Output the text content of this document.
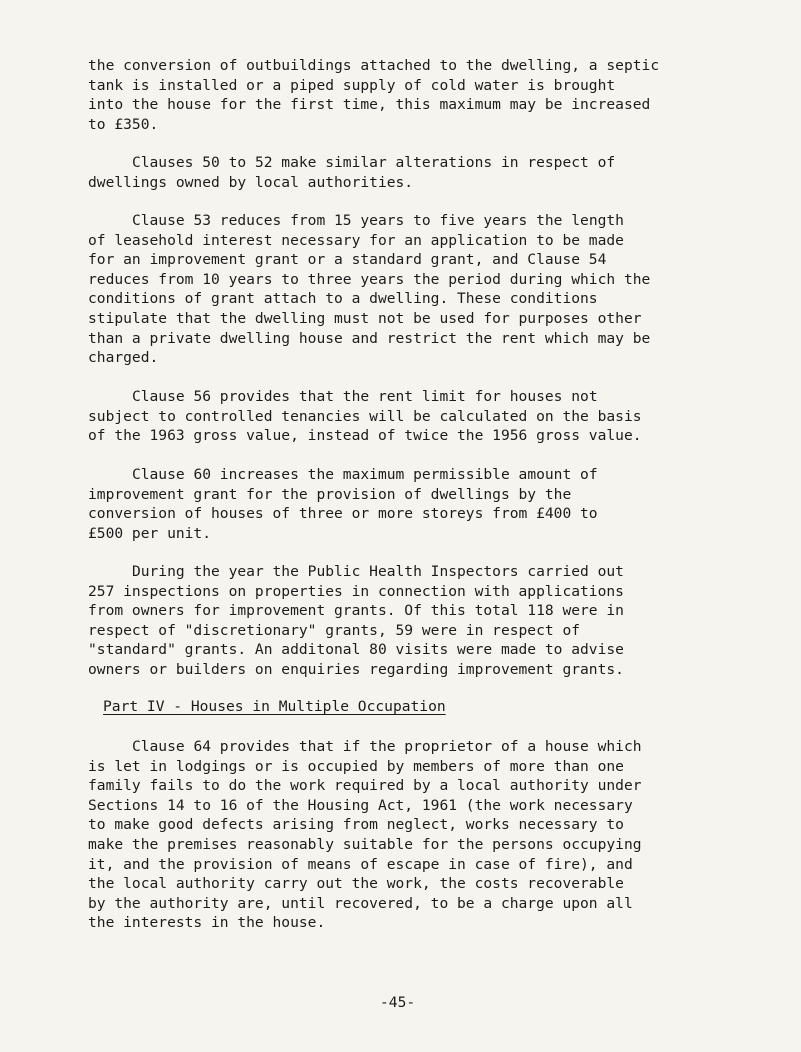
the conversion of outbuildings attached to the dwelling, a septic
tank is installed or a piped supply of cold water is brought
into the house for the first time, this maximum may be increased
to £350.

Clauses 50 to 52 make similar alterations in respect of
dwellings owned by local authorities.

Clause 53 reduces from 15 years to five years the length
of leasehold interest necessary for an application to be made
for an improvement grant or a standard grant, and Clause 54
reduces from 10 years to three years the period during which the
conditions of grant attach to a dwelling. These conditions
stipulate that the dwelling must not be used for purposes other
than a private dwelling house and restrict the rent which may be
charged.

Clause 56 provides that the rent limit for houses not
subject to controlled tenancies will be calculated on the basis
of the 1963 gross value, instead of twice the 1956 gross value.

Clause 60 increases the maximum permissible amount of
improvement grant for the provision of dwellings by the
conversion of houses of three or more storeys from £400 to
£500 per unit.

During the year the Public Health Inspectors carried out
257 inspections on properties in connection with applications
from owners for improvement grants. Of this total 118 were in
respect of "discretionary" grants, 59 were in respect of
"standard" grants. An additonal 80 visits were made to advise
owners or builders on enquiries regarding improvement grants.

Part IV - Houses in Multiple Occupation

Clause 64 provides that if the proprietor of a house which
is let in lodgings or is occupied by members of more than one
family fails to do the work required by a local authority under
Sections 14 to 16 of the Housing Act, 1961 (the work necessary
to make good defects arising from neglect, works necessary to
make the premises reasonably suitable for the persons occupying
it, and the provision of means of escape in case of fire), and
the local authority carry out the work, the costs recoverable
by the authority are, until recovered, to be a charge upon all
the interests in the house.

-45-
